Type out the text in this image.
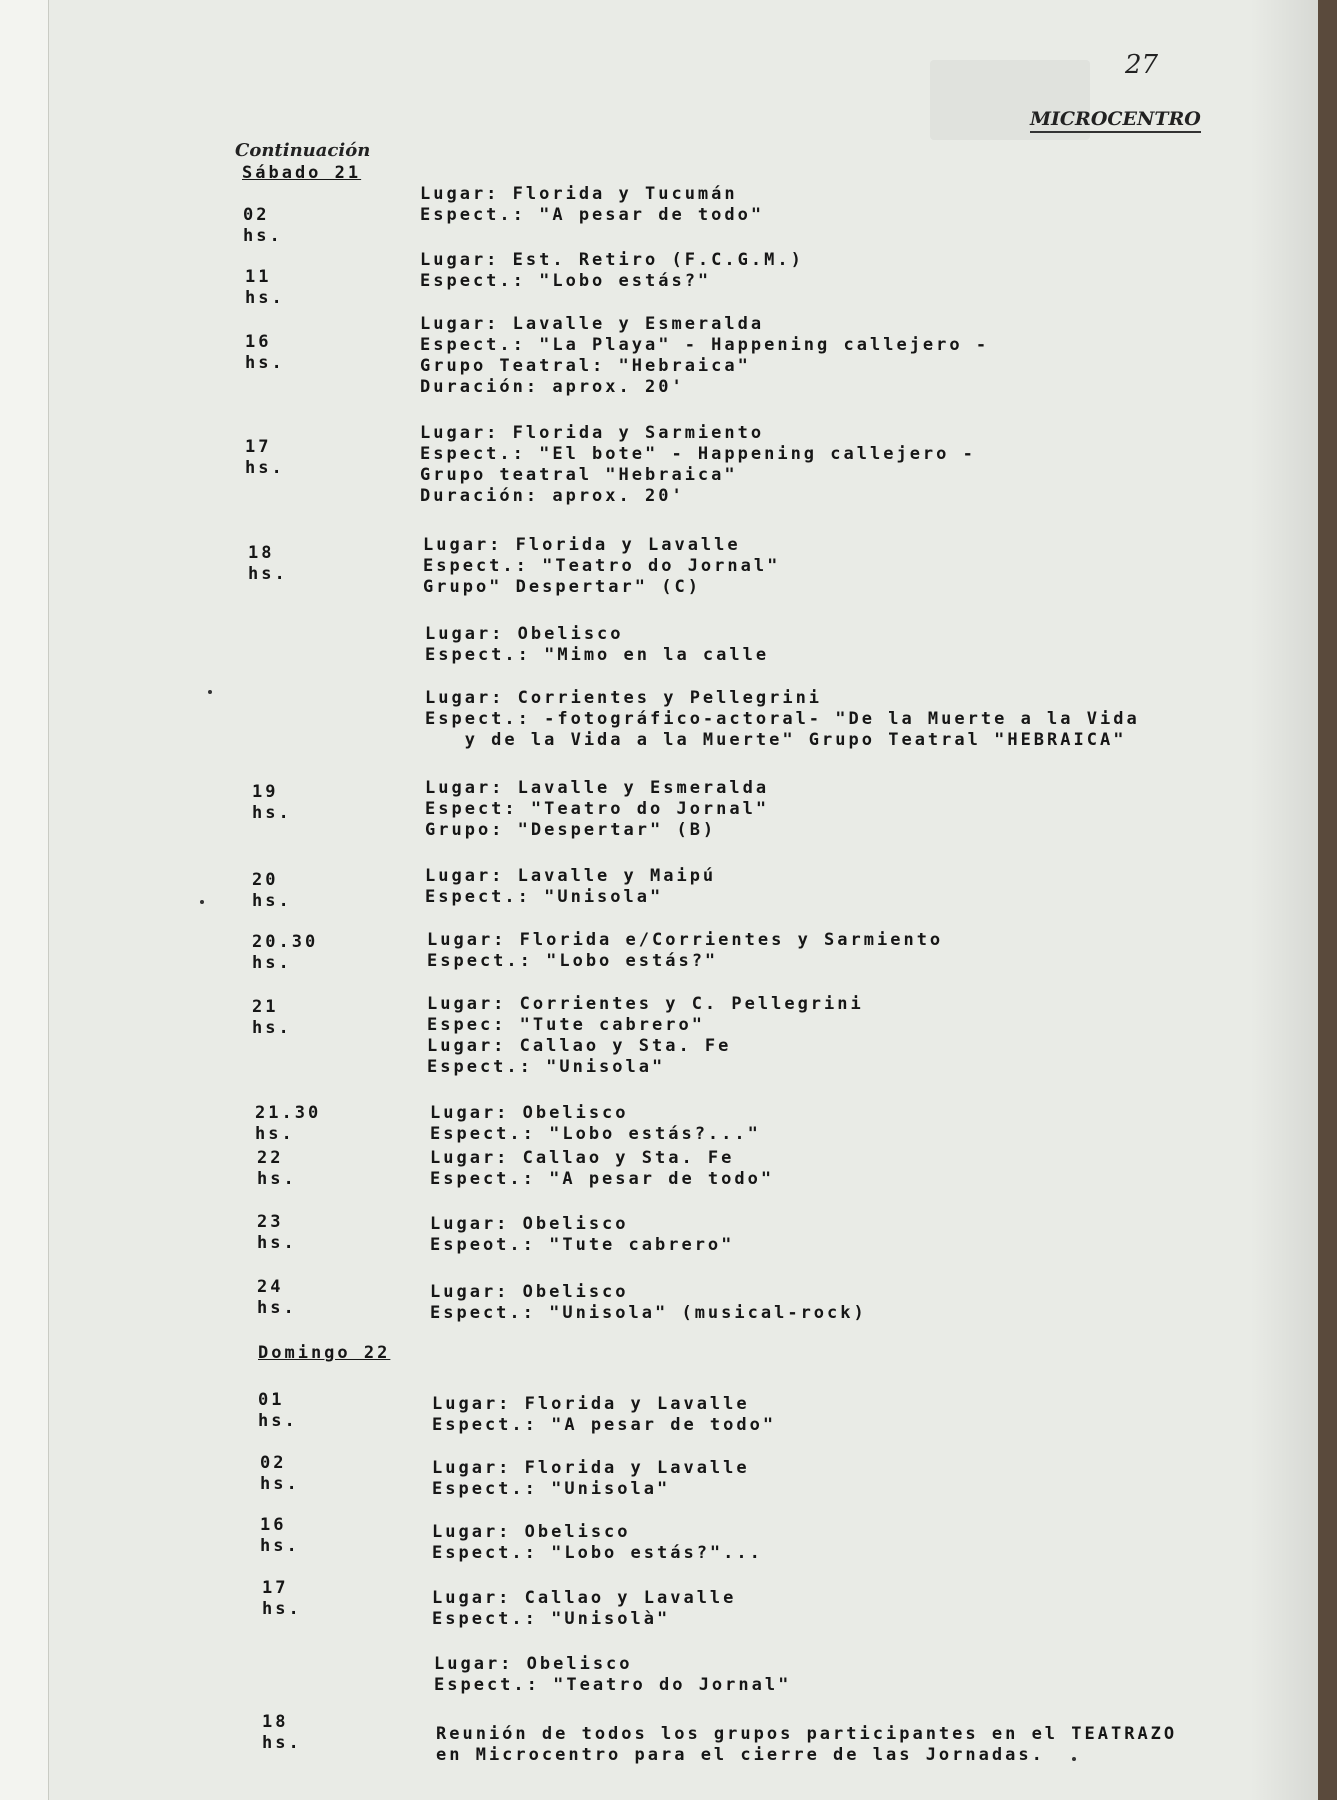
27
MICROCENTRO
Continuación
Sábado 21
02 hs.
Lugar: Florida y Tucumán
Espect.: "A pesar de todo"
11 hs.
Lugar: Est. Retiro (F.C.G.M.)
Espect.: "Lobo estás?"
16 hs.
Lugar: Lavalle y Esmeralda
Espect.: "La Playa" - Happening callejero -
Grupo Teatral: "Hebraica"
Duración: aprox. 20'
17 hs.
Lugar: Florida y Sarmiento
Espect.: "El bote" - Happening callejero -
Grupo teatral "Hebraica"
Duración: aprox. 20'
18 hs.
Lugar: Florida y Lavalle
Espect.: "Teatro do Jornal"
Grupo" Despertar" (C)
Lugar: Obelisco
Espect.: "Mimo en la calle
Lugar: Corrientes y Pellegrini
Espect.: -fotográfico-actoral- "De la Muerte a la Vida
y de la Vida a la Muerte" Grupo Teatral "HEBRAICA"
19 hs.
Lugar: Lavalle y Esmeralda
Espect: "Teatro do Jornal"
Grupo: "Despertar" (B)
20 hs.
Lugar: Lavalle y Maipú
Espect.: "Unisola"
20.30 hs.
Lugar: Florida e/Corrientes y Sarmiento
Espect.: "Lobo estás?"
21 hs.
Lugar: Corrientes y C. Pellegrini
Espec: "Tute cabrero"
Lugar: Callao y Sta. Fe
Espect.: "Unisola"
21.30 hs.
Lugar: Obelisco
Espect.: "Lobo estás?..."
22 hs.
Lugar: Callao y Sta. Fe
Espect.: "A pesar de todo"
23 hs.
Lugar: Obelisco
Espeot.: "Tute cabrero"
24 hs.
Lugar: Obelisco
Espect.: "Unisola" (musical-rock)
Domingo 22
01 hs.
Lugar: Florida y Lavalle
Espect.: "A pesar de todo"
02 hs.
Lugar: Florida y Lavalle
Espect.: "Unisola"
16 hs.
Lugar: Obelisco
Espect.: "Lobo estás?"...
17 hs.
Lugar: Callao y Lavalle
Espect.: "Unisolà"
Lugar: Obelisco
Espect.: "Teatro do Jornal"
18 hs.	Reunión de todos los grupos participantes en el TEATRAZO
en Microcentro para el cierre de las Jornadas.
